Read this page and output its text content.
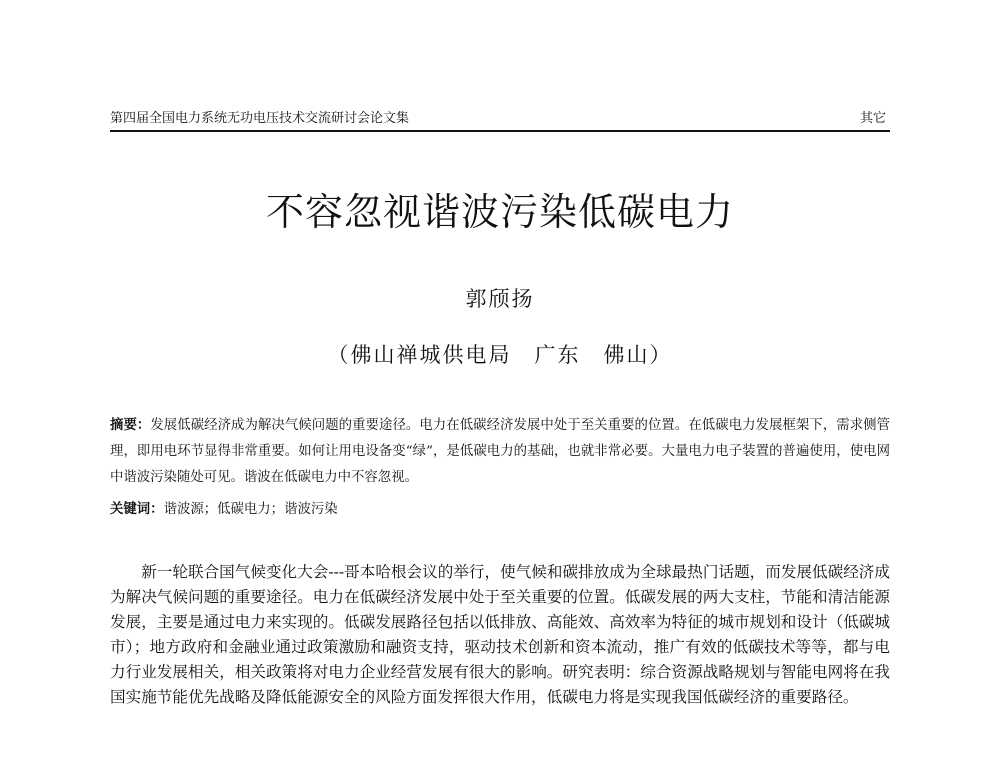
第四届全国电力系统无功电压技术交流研讨会论文集	其它
不容忽视谐波污染低碳电力
郭颀扬
（佛山禅城供电局　广东　佛山）
摘要：发展低碳经济成为解决气候问题的重要途径。电力在低碳经济发展中处于至关重要的位置。在低碳电力发展框架下，需求侧管理，即用电环节显得非常重要。如何让用电设备变“绿”，是低碳电力的基础，也就非常必要。大量电力电子装置的普遍使用，使电网中谐波污染随处可见。谐波在低碳电力中不容忽视。
关键词：谐波源；低碳电力；谐波污染
新一轮联合国气候变化大会---哥本哈根会议的举行，使气候和碳排放成为全球最热门话题，而发展低碳经济成为解决气候问题的重要途径。电力在低碳经济发展中处于至关重要的位置。低碳发展的两大支柱，节能和清洁能源发展，主要是通过电力来实现的。低碳发展路径包括以低排放、高能效、高效率为特征的城市规划和设计（低碳城市）；地方政府和金融业通过政策激励和融资支持，驱动技术创新和资本流动，推广有效的低碳技术等等，都与电力行业发展相关，相关政策将对电力企业经营发展有很大的影响。研究表明：综合资源战略规划与智能电网将在我国实施节能优先战略及降低能源安全的风险方面发挥很大作用，低碳电力将是实现我国低碳经济的重要路径。
